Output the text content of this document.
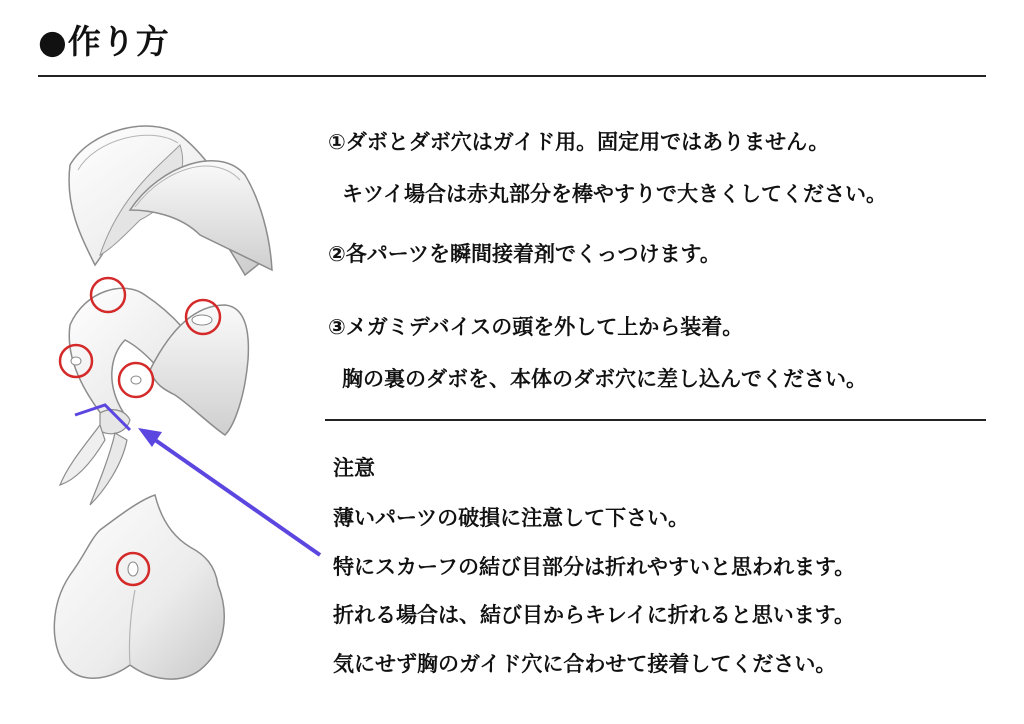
●作り方
①ダボとダボ穴はガイド用。固定用ではありません。
キツイ場合は赤丸部分を棒やすりで大きくしてください。
②各パーツを瞬間接着剤でくっつけます。
③メガミデバイスの頭を外して上から装着。
胸の裏のダボを、本体のダボ穴に差し込んでください。
注意
薄いパーツの破損に注意して下さい。
特にスカーフの結び目部分は折れやすいと思われます。
折れる場合は、結び目からキレイに折れると思います。
気にせず胸のガイド穴に合わせて接着してください。
